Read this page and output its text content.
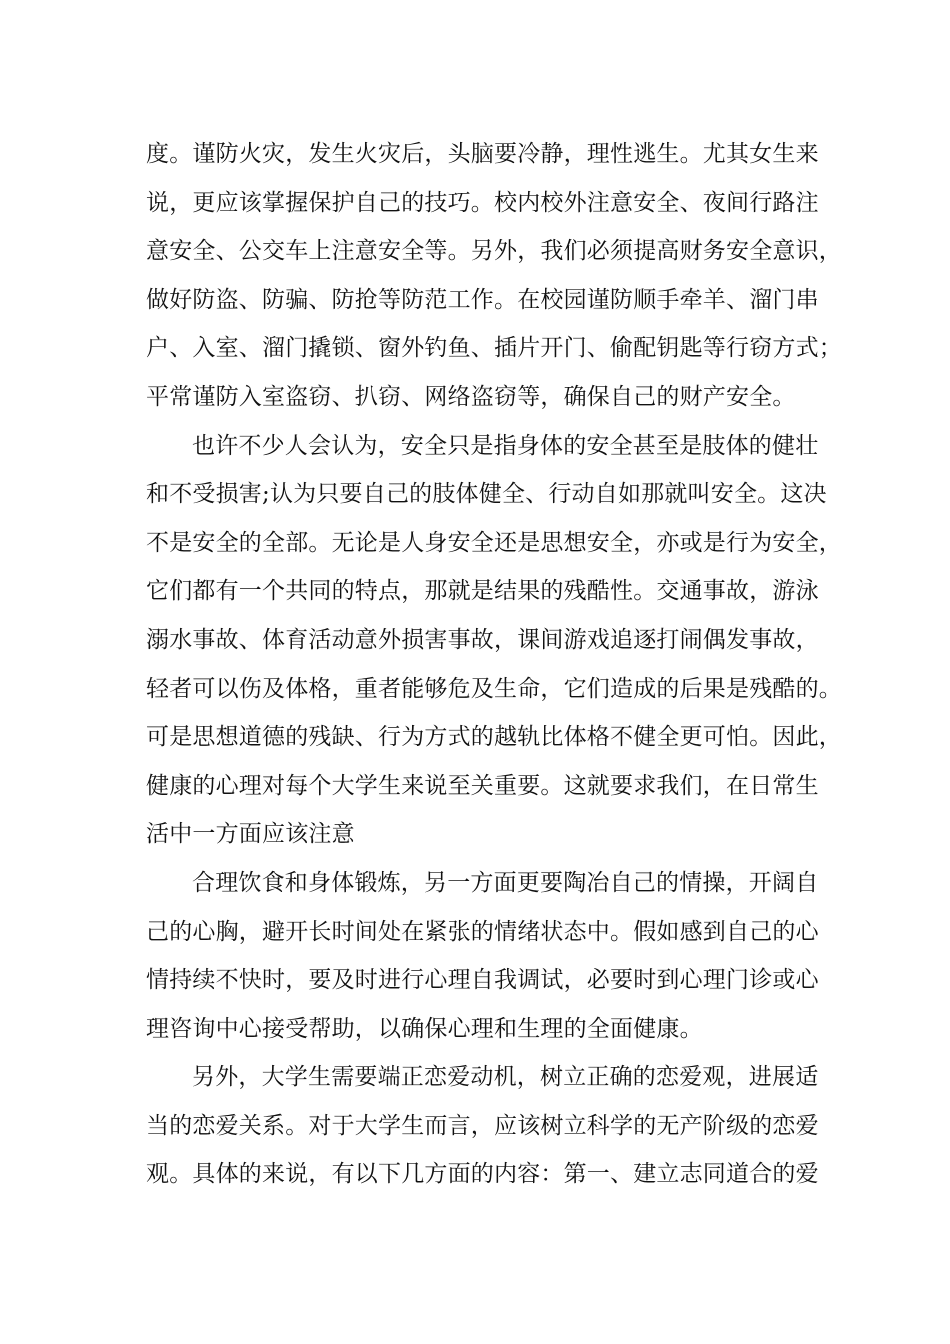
度。谨防火灾，发生火灾后，头脑要冷静，理性逃生。尤其女生来
说，更应该掌握保护自己的技巧。校内校外注意安全、夜间行路注
意安全、公交车上注意安全等。另外，我们必须提高财务安全意识，
做好防盗、防骗、防抢等防范工作。在校园谨防顺手牵羊、溜门串
户、入室、溜门撬锁、窗外钓鱼、插片开门、偷配钥匙等行窃方式；
平常谨防入室盗窃、扒窃、网络盗窃等，确保自己的财产安全。
也许不少人会认为，安全只是指身体的安全甚至是肢体的健壮
和不受损害;认为只要自己的肢体健全、行动自如那就叫安全。这决
不是安全的全部。无论是人身安全还是思想安全，亦或是行为安全，
它们都有一个共同的特点，那就是结果的残酷性。交通事故，游泳
溺水事故、体育活动意外损害事故，课间游戏追逐打闹偶发事故，
轻者可以伤及体格，重者能够危及生命，它们造成的后果是残酷的。
可是思想道德的残缺、行为方式的越轨比体格不健全更可怕。因此，
健康的心理对每个大学生来说至关重要。这就要求我们，在日常生
活中一方面应该注意
合理饮食和身体锻炼，另一方面更要陶冶自己的情操，开阔自
己的心胸，避开长时间处在紧张的情绪状态中。假如感到自己的心
情持续不快时，要及时进行心理自我调试，必要时到心理门诊或心
理咨询中心接受帮助，以确保心理和生理的全面健康。
另外，大学生需要端正恋爱动机，树立正确的恋爱观，进展适
当的恋爱关系。对于大学生而言，应该树立科学的无产阶级的恋爱
观。具体的来说，有以下几方面的内容：第一、建立志同道合的爱
